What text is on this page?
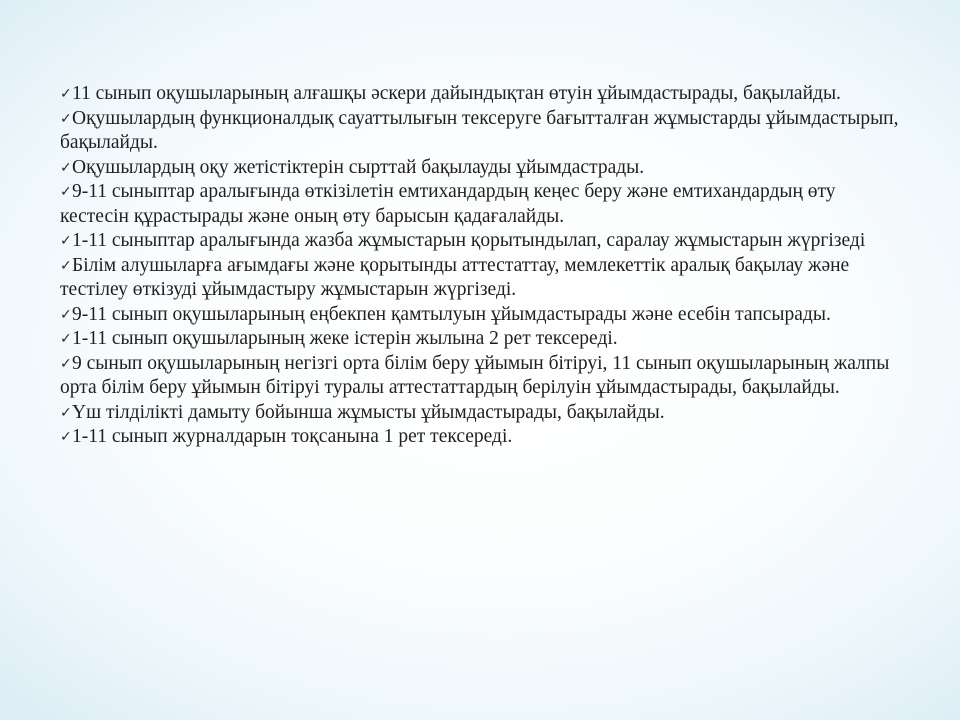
✓11 сынып оқушыларының алғашқы әскери дайындықтан өтуін ұйымдастырады, бақылайды.
✓Оқушылардың функционалдық сауаттылығын тексеруге бағытталған жұмыстарды ұйымдастырып, бақылайды.
✓Оқушылардың оқу жетістіктерін сырттай бақылауды ұйымдастрады.
✓9-11 сыныптар аралығында өткізілетін емтихандардың кеңес беру және емтихандардың өту кестесін құрастырады және оның өту барысын қадағалайды.
✓1-11 сыныптар аралығында жазба жұмыстарын қорытындылап, саралау жұмыстарын жүргізеді
✓Білім алушыларға ағымдағы және қорытынды аттестаттау, мемлекеттік аралық бақылау және тестілеу өткізуді ұйымдастыру жұмыстарын жүргізеді.
✓9-11 сынып оқушыларының еңбекпен қамтылуын ұйымдастырады және есебін тапсырады.
✓1-11 сынып оқушыларының жеке істерін жылына 2 рет тексереді.
✓9 сынып оқушыларының негізгі орта білім беру ұйымын бітіруі, 11 сынып оқушыларының жалпы орта білім беру ұйымын бітіруі туралы аттестаттардың берілуін ұйымдастырады, бақылайды.
✓Үш тілділікті дамыту бойынша жұмысты ұйымдастырады, бақылайды.
✓1-11 сынып журналдарын тоқсанына 1 рет тексереді.
